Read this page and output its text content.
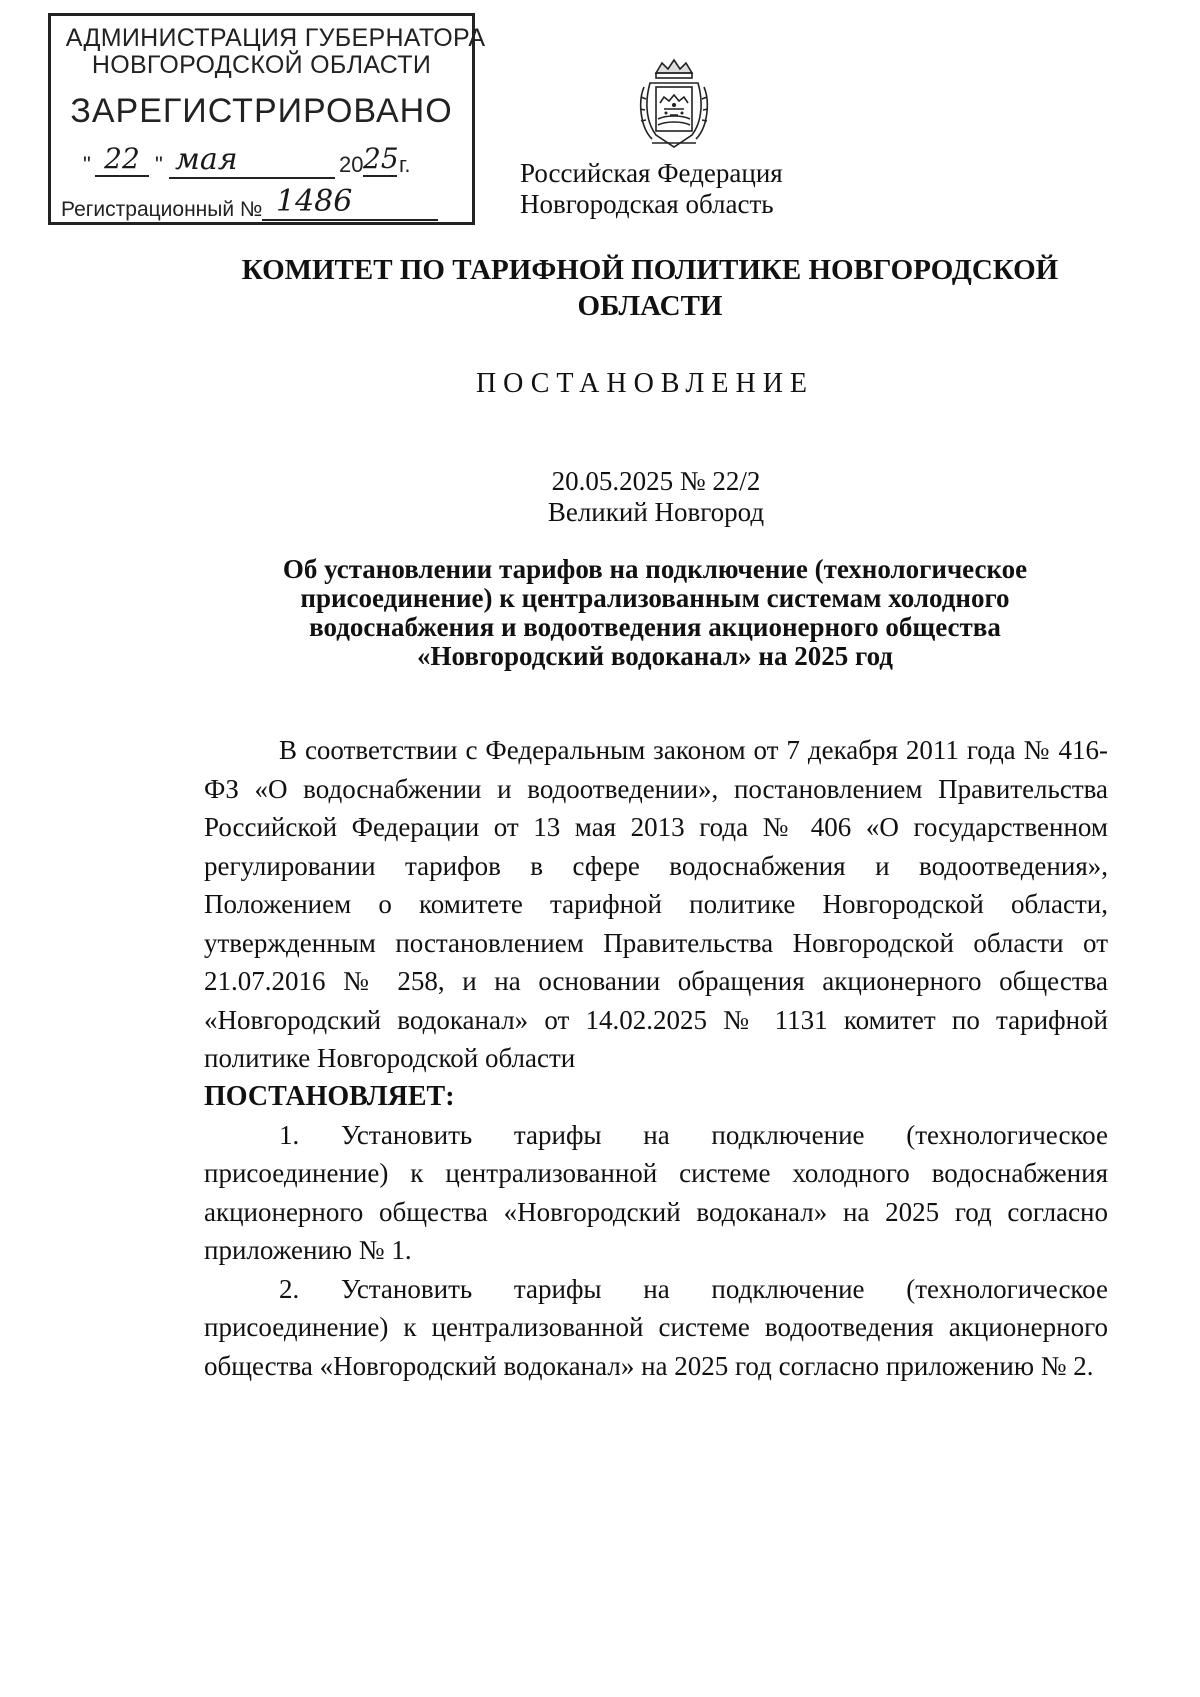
АДМИНИСТРАЦИЯ ГУБЕРНАТОРА
НОВГОРОДСКОЙ ОБЛАСТИ
ЗАРЕГИСТРИРОВАНО
" 22 " мая	20 25 г.
Регистрационный № 1486
Российская Федерация
Новгородская область
КОМИТЕТ ПО ТАРИФНОЙ ПОЛИТИКЕ НОВГОРОДСКОЙ
ОБЛАСТИ
ПОСТАНОВЛЕНИЕ
20.05.2025 № 22/2
Великий Новгород
Об установлении тарифов на подключение (технологическое
присоединение) к централизованным системам холодного
водоснабжения и водоотведения акционерного общества
«Новгородский водоканал» на 2025 год

В соответствии с Федеральным законом от 7 декабря 2011 года № 416-ФЗ «О водоснабжении и водоотведении», постановлением Правительства Российской Федерации от 13 мая 2013 года № 406 «О государственном регулировании тарифов в сфере водоснабжения и водоотведения», Положением о комитете тарифной политике Новгородской области, утвержденным постановлением Правительства Новгородской области от 21.07.2016 № 258, и на основании обращения акционерного общества «Новгородский водоканал» от 14.02.2025 № 1131 комитет по тарифной политике Новгородской области

ПОСТАНОВЛЯЕТ:

1. Установить тарифы на подключение (технологическое присоединение) к централизованной системе холодного водоснабжения акционерного общества «Новгородский водоканал» на 2025 год согласно приложению № 1.

2. Установить тарифы на подключение (технологическое присоединение) к централизованной системе водоотведения акционерного общества «Новгородский водоканал» на 2025 год согласно приложению № 2.
